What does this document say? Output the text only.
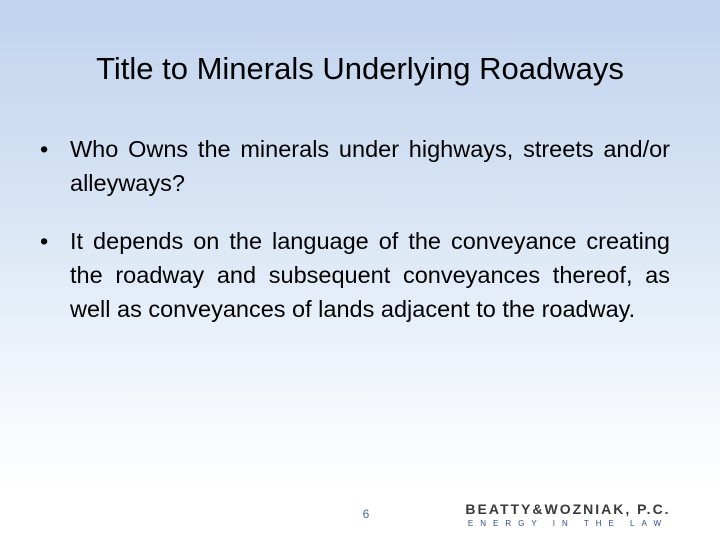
Title to Minerals Underlying Roadways
• Who Owns the minerals under highways, streets and/or alleyways?
• It depends on the language of the conveyance creating the roadway and subsequent conveyances thereof, as well as conveyances of lands adjacent to the roadway.
6	BEATTY&WOZNIAK, P.C.
ENERGY IN THE LAW
